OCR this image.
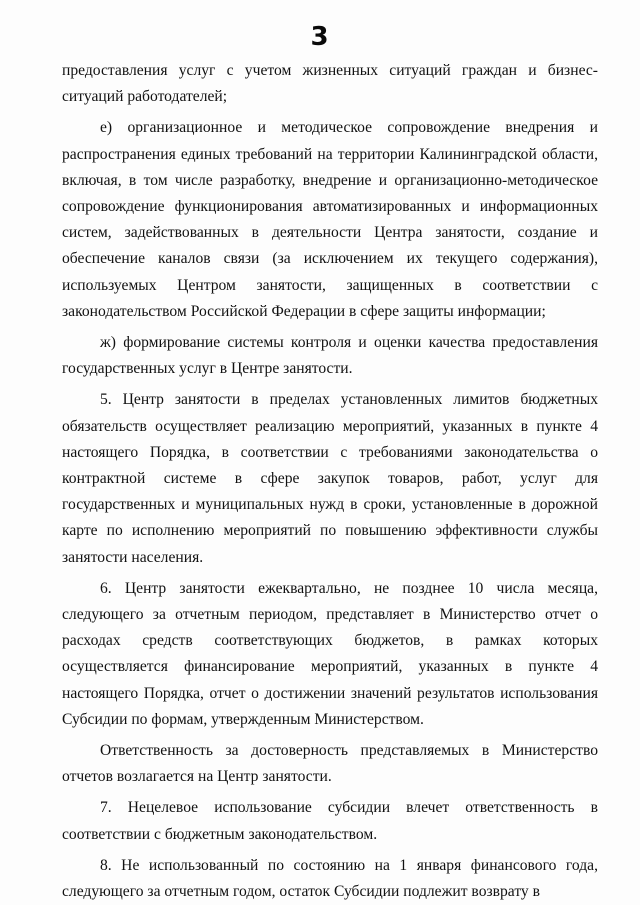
3

предоставления услуг с учетом жизненных ситуаций граждан и бизнес-ситуаций работодателей;

е) организационное и методическое сопровождение внедрения и распространения единых требований на территории Калининградской области, включая, в том числе разработку, внедрение и организационно-методическое сопровождение функционирования автоматизированных и информационных систем, задействованных в деятельности Центра занятости, создание и обеспечение каналов связи (за исключением их текущего содержания), используемых Центром занятости, защищенных в соответствии с законодательством Российской Федерации в сфере защиты информации;

ж) формирование системы контроля и оценки качества предоставления государственных услуг в Центре занятости.

5. Центр занятости в пределах установленных лимитов бюджетных обязательств осуществляет реализацию мероприятий, указанных в пункте 4 настоящего Порядка, в соответствии с требованиями законодательства о контрактной системе в сфере закупок товаров, работ, услуг для государственных и муниципальных нужд в сроки, установленные в дорожной карте по исполнению мероприятий по повышению эффективности службы занятости населения.

6. Центр занятости ежеквартально, не позднее 10 числа месяца, следующего за отчетным периодом, представляет в Министерство отчет о расходах средств соответствующих бюджетов, в рамках которых осуществляется финансирование мероприятий, указанных в пункте 4 настоящего Порядка, отчет о достижении значений результатов использования Субсидии по формам, утвержденным Министерством.

Ответственность за достоверность представляемых в Министерство отчетов возлагается на Центр занятости.

7. Нецелевое использование субсидии влечет ответственность в соответствии с бюджетным законодательством.

8. Не использованный по состоянию на 1 января финансового года, следующего за отчетным годом, остаток Субсидии подлежит возврату в
